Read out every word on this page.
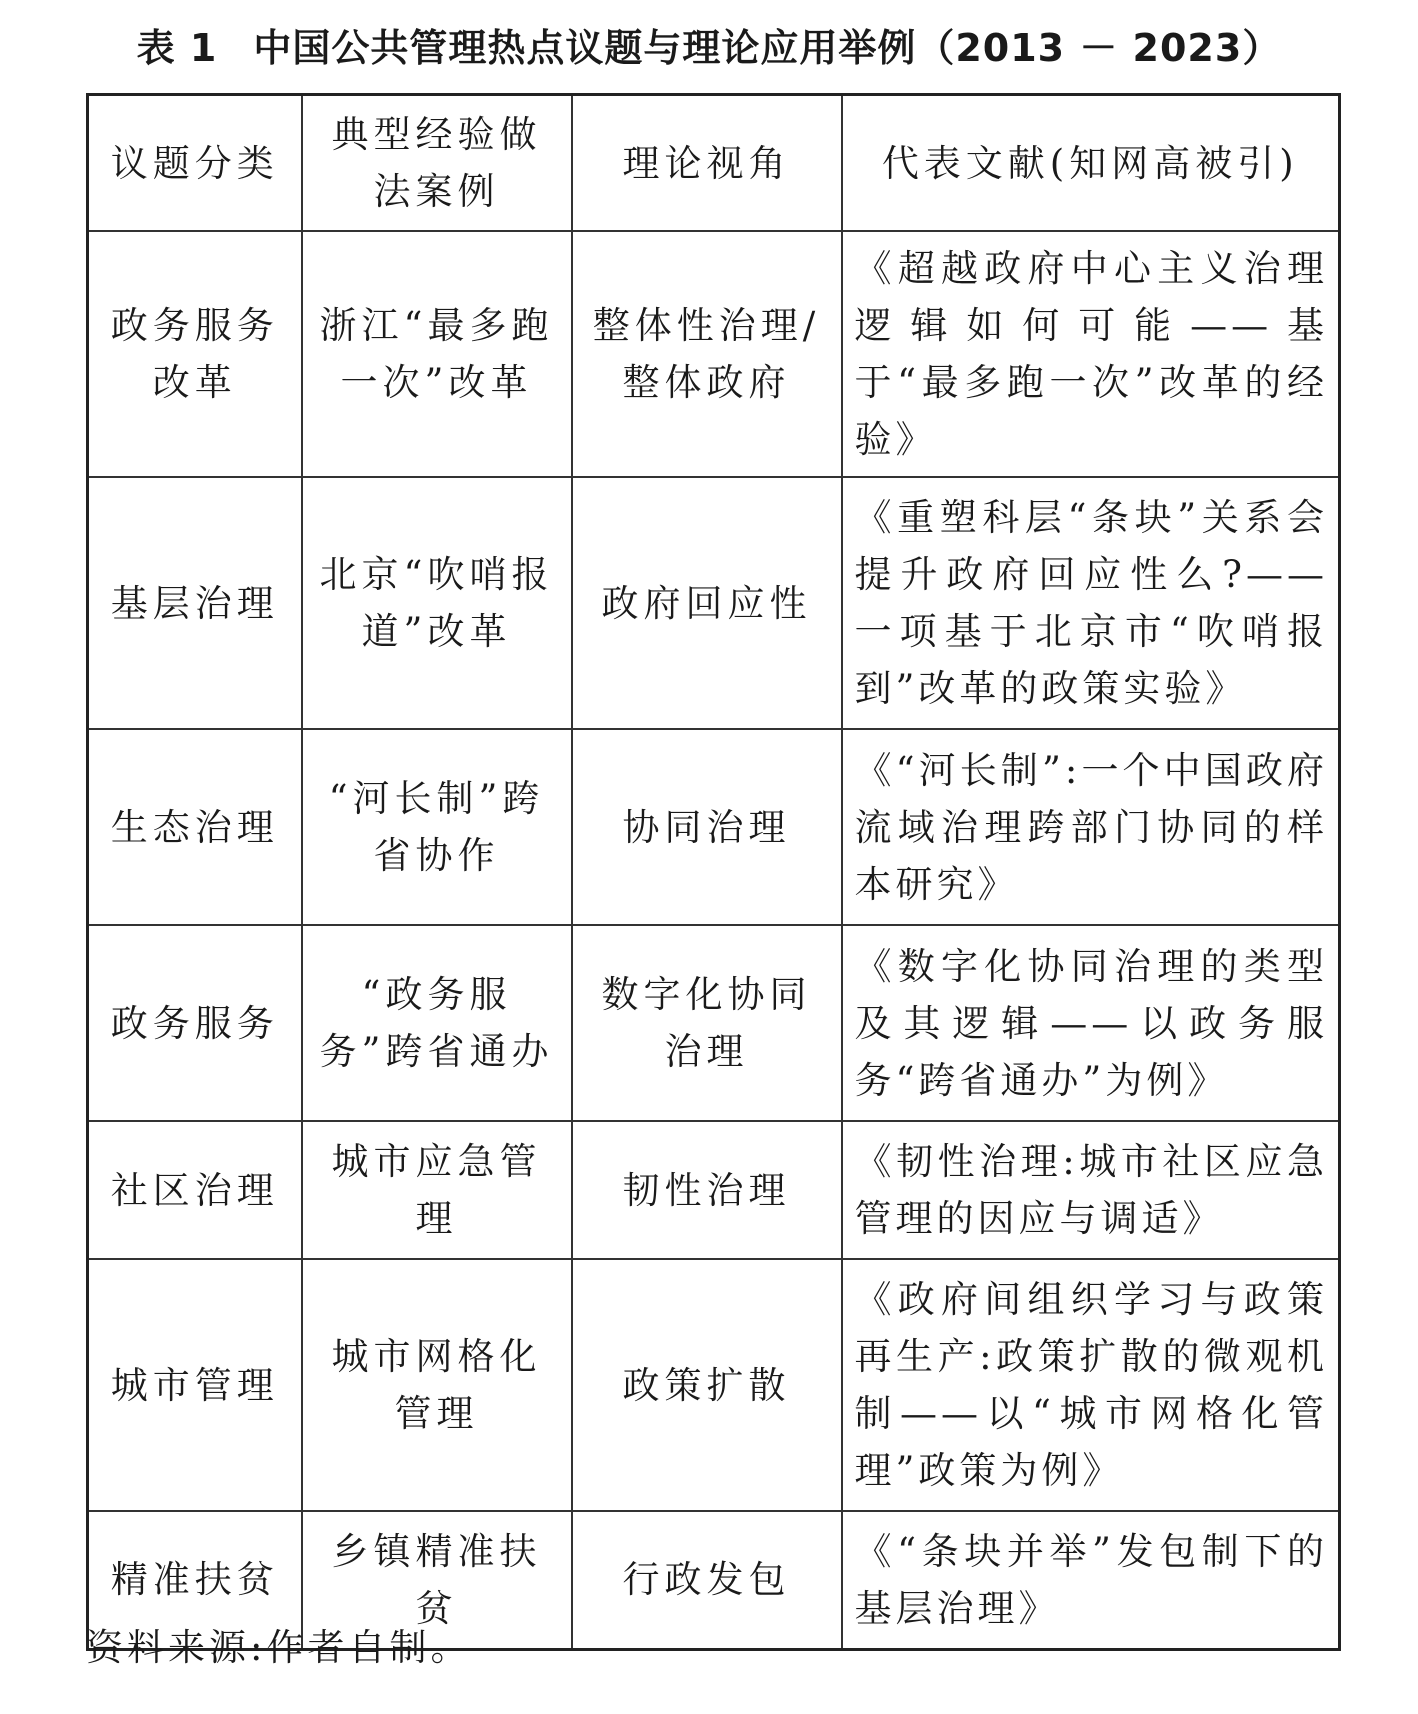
表 1 中国公共管理热点议题与理论应用举例（2013 － 2023）
议题分类	典型经验做法案例	理论视角	代表文献(知网高被引)
政务服务改革	浙江“最多跑一次”改革	整体性治理/整体政府	《超越政府中心主义治理逻辑如何可能——基于“最多跑一次”改革的经验》
基层治理	北京“吹哨报道”改革	政府回应性	《重塑科层“条块”关系会提升政府回应性么?——一项基于北京市“吹哨报到”改革的政策实验》
生态治理	“河长制”跨省协作	协同治理	《“河长制”:一个中国政府流域治理跨部门协同的样本研究》
政务服务	“政务服务”跨省通办	数字化协同治理	《数字化协同治理的类型及其逻辑——以政务服务“跨省通办”为例》
社区治理	城市应急管理	韧性治理	《韧性治理:城市社区应急管理的因应与调适》
城市管理	城市网格化管理	政策扩散	《政府间组织学习与政策再生产:政策扩散的微观机制——以“城市网格化管理”政策为例》
精准扶贫	乡镇精准扶贫	行政发包	《“条块并举”发包制下的基层治理》
资料来源:作者自制。
